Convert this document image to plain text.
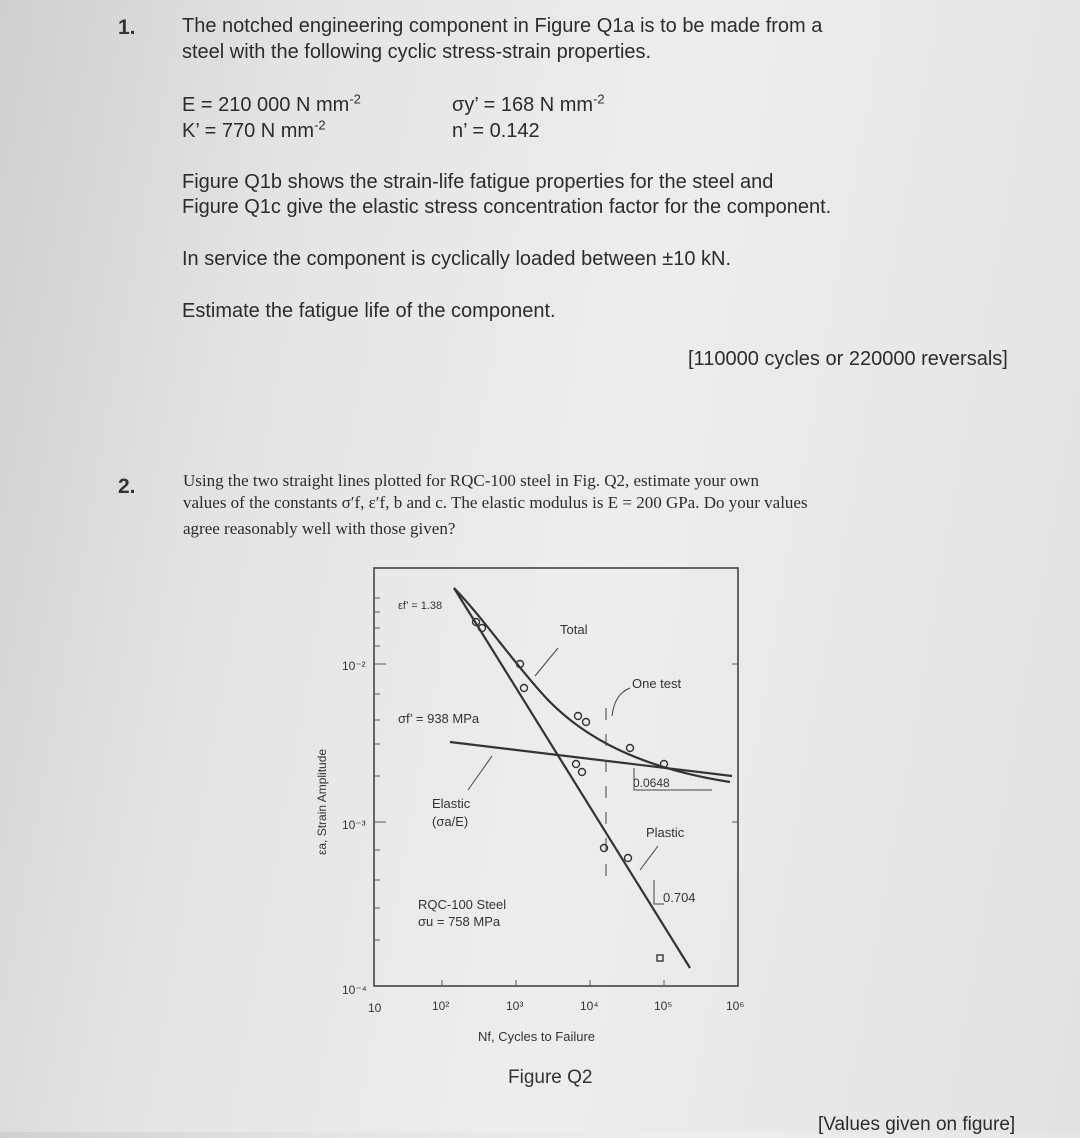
1. The notched engineering component in Figure Q1a is to be made from a

steel with the following cyclic stress-strain properties.

E = 210 000 N $mm^{-2}$

K’ = 770 N $mm^{-2}$

σy’ = 168 N $mm^{-2}$

n’ = 0.142

Figure Q1b shows the strain-life fatigue properties for the steel and

Figure Q1c give the elastic stress concentration factor for the component.

In service the component is cyclically loaded between ±10 kN.

Estimate the fatigue life of the component.

[110000 cycles or 220000 reversals]

2.	Using the two straight lines plotted for RQC-100 steel in Fig. Q2, estimate your own

values of the constants σ′f, ε′f, b and c. The elastic modulus is E = 200 GPa. Do your values

agree reasonably well with those given?

εf’ = 1.38
Total
One test
σf’ = 938 MPa
0.0648
Elastic
(σa/E)
Plastic
0.704
RQC-100 Steel
σu = 758 MPa
10⁻²
10⁻³
10⁻⁴
εa, Strain Amplitude
10	10²	10³	10⁴	10⁵	10⁶
Nf, Cycles to Failure
Figure Q2

[Values given on figure]
